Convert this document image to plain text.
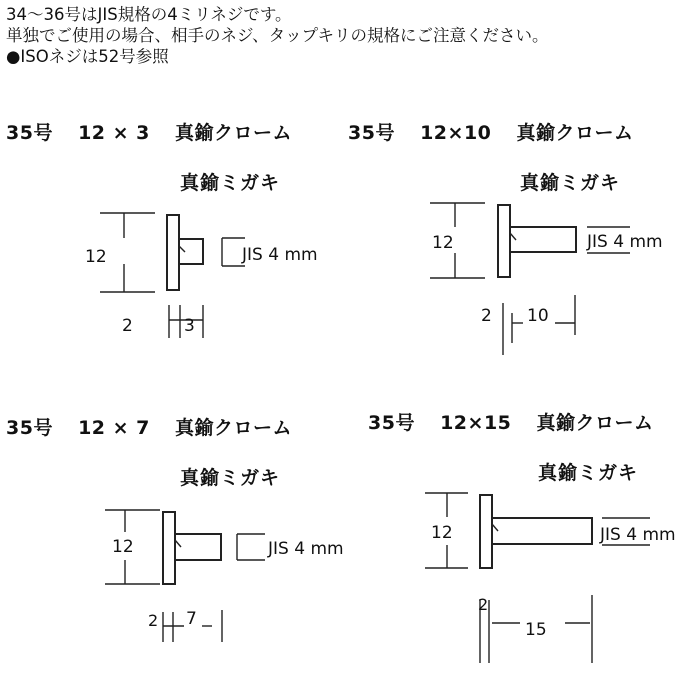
34〜36号はJIS規格の4ミリネジです。
単独でご使用の場合、相手のネジ、タップキリの規格にご注意ください。
●ISOネジは52号参照
35号 12 × 3 真鍮クローム
真鍮ミガキ
12	JIS 4 mm
2	3
35号 12×10 真鍮クローム
真鍮ミガキ
12	JIS 4 mm
2 10
35号 12 × 7 真鍮クローム
真鍮ミガキ
12	JIS 4 mm
2 7
35号 12×15 真鍮クローム
真鍮ミガキ
12	JIS 4 mm
2
15
